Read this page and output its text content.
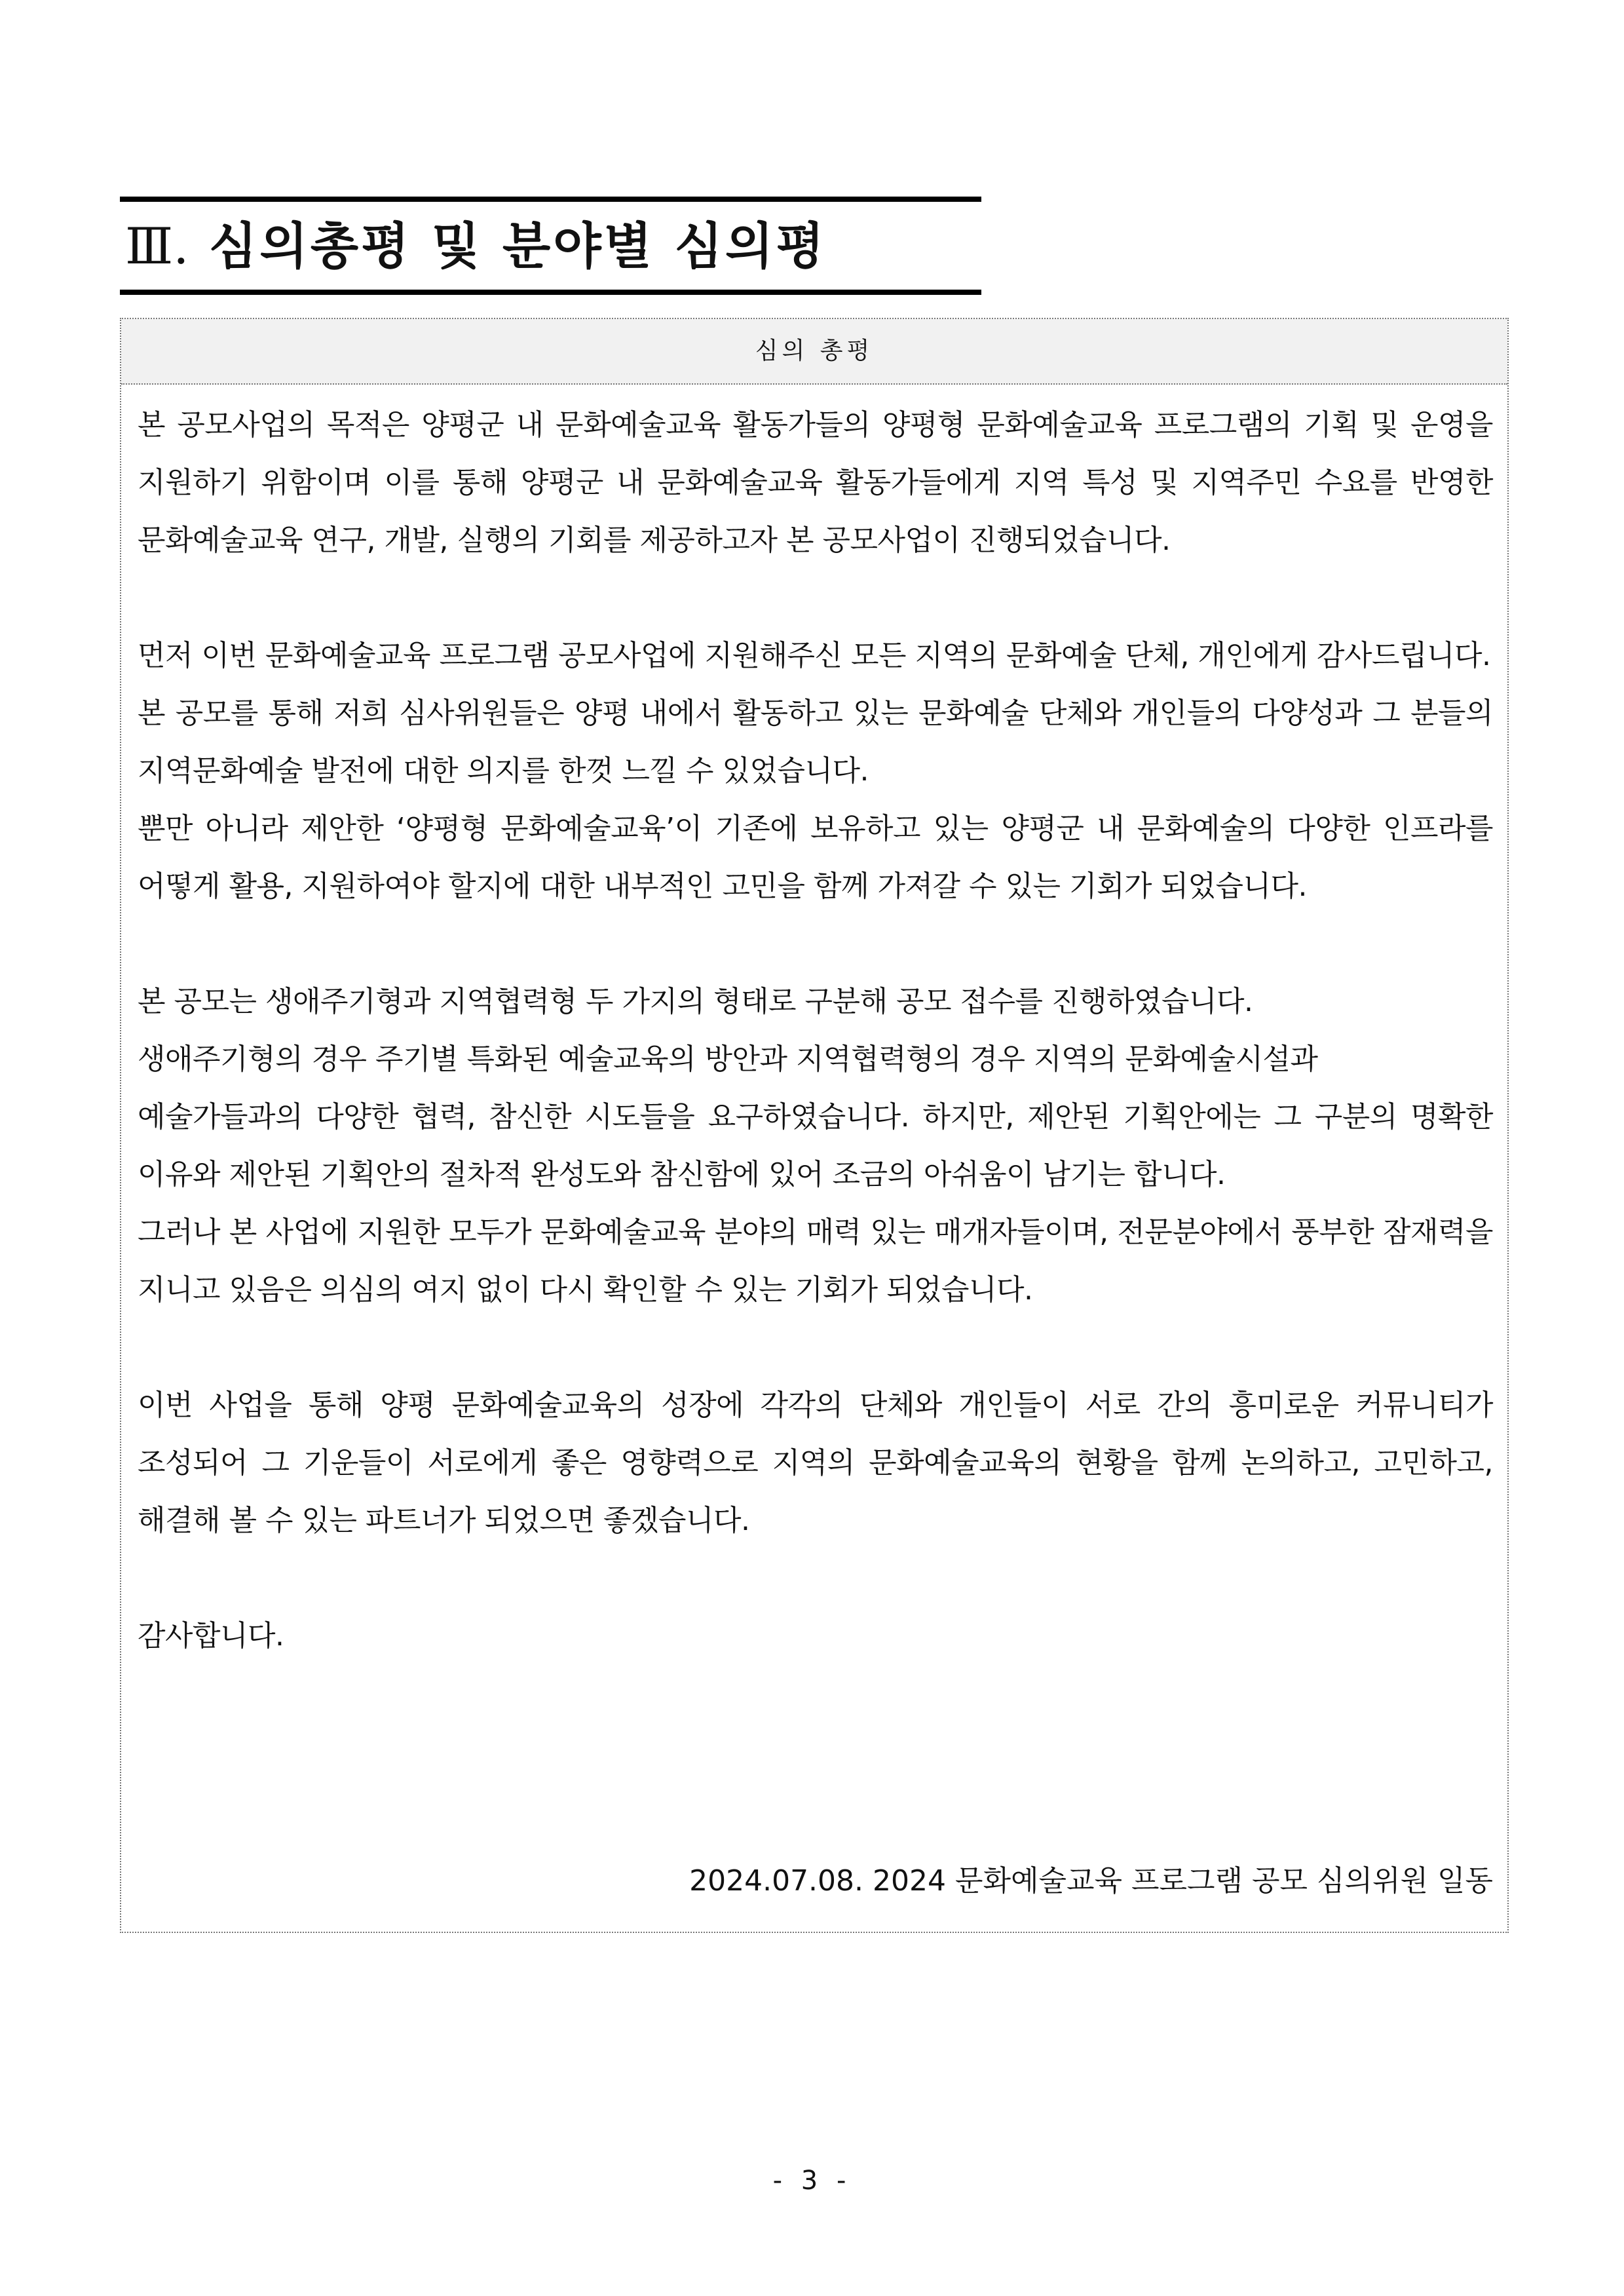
Ⅲ. 심의총평 및 분야별 심의평
심의 총평

본 공모사업의 목적은 양평군 내 문화예술교육 활동가들의 양평형 문화예술교육 프로그램의 기획 및 운영을 지원하기 위함이며 이를 통해 양평군 내 문화예술교육 활동가들에게 지역 특성 및 지역주민 수요를 반영한 문화예술교육 연구, 개발, 실행의 기회를 제공하고자 본 공모사업이 진행되었습니다.

먼저 이번 문화예술교육 프로그램 공모사업에 지원해주신 모든 지역의 문화예술 단체, 개인에게 감사드립니다.

본 공모를 통해 저희 심사위원들은 양평 내에서 활동하고 있는 문화예술 단체와 개인들의 다양성과 그 분들의 지역문화예술 발전에 대한 의지를 한껏 느낄 수 있었습니다.

뿐만 아니라 제안한 ‘양평형 문화예술교육’이 기존에 보유하고 있는 양평군 내 문화예술의 다양한 인프라를 어떻게 활용, 지원하여야 할지에 대한 내부적인 고민을 함께 가져갈 수 있는 기회가 되었습니다.

본 공모는 생애주기형과 지역협력형 두 가지의 형태로 구분해 공모 접수를 진행하였습니다.

생애주기형의 경우 주기별 특화된 예술교육의 방안과 지역협력형의 경우 지역의 문화예술시설과

예술가들과의 다양한 협력, 참신한 시도들을 요구하였습니다. 하지만, 제안된 기획안에는 그 구분의 명확한 이유와 제안된 기획안의 절차적 완성도와 참신함에 있어 조금의 아쉬움이 남기는 합니다.

그러나 본 사업에 지원한 모두가 문화예술교육 분야의 매력 있는 매개자들이며, 전문분야에서 풍부한 잠재력을 지니고 있음은 의심의 여지 없이 다시 확인할 수 있는 기회가 되었습니다.

이번 사업을 통해 양평 문화예술교육의 성장에 각각의 단체와 개인들이 서로 간의 흥미로운 커뮤니티가 조성되어 그 기운들이 서로에게 좋은 영향력으로 지역의 문화예술교육의 현황을 함께 논의하고, 고민하고, 해결해 볼 수 있는 파트너가 되었으면 좋겠습니다.

감사합니다.

2024.07.08. 2024 문화예술교육 프로그램 공모 심의위원 일동
- 3 -
